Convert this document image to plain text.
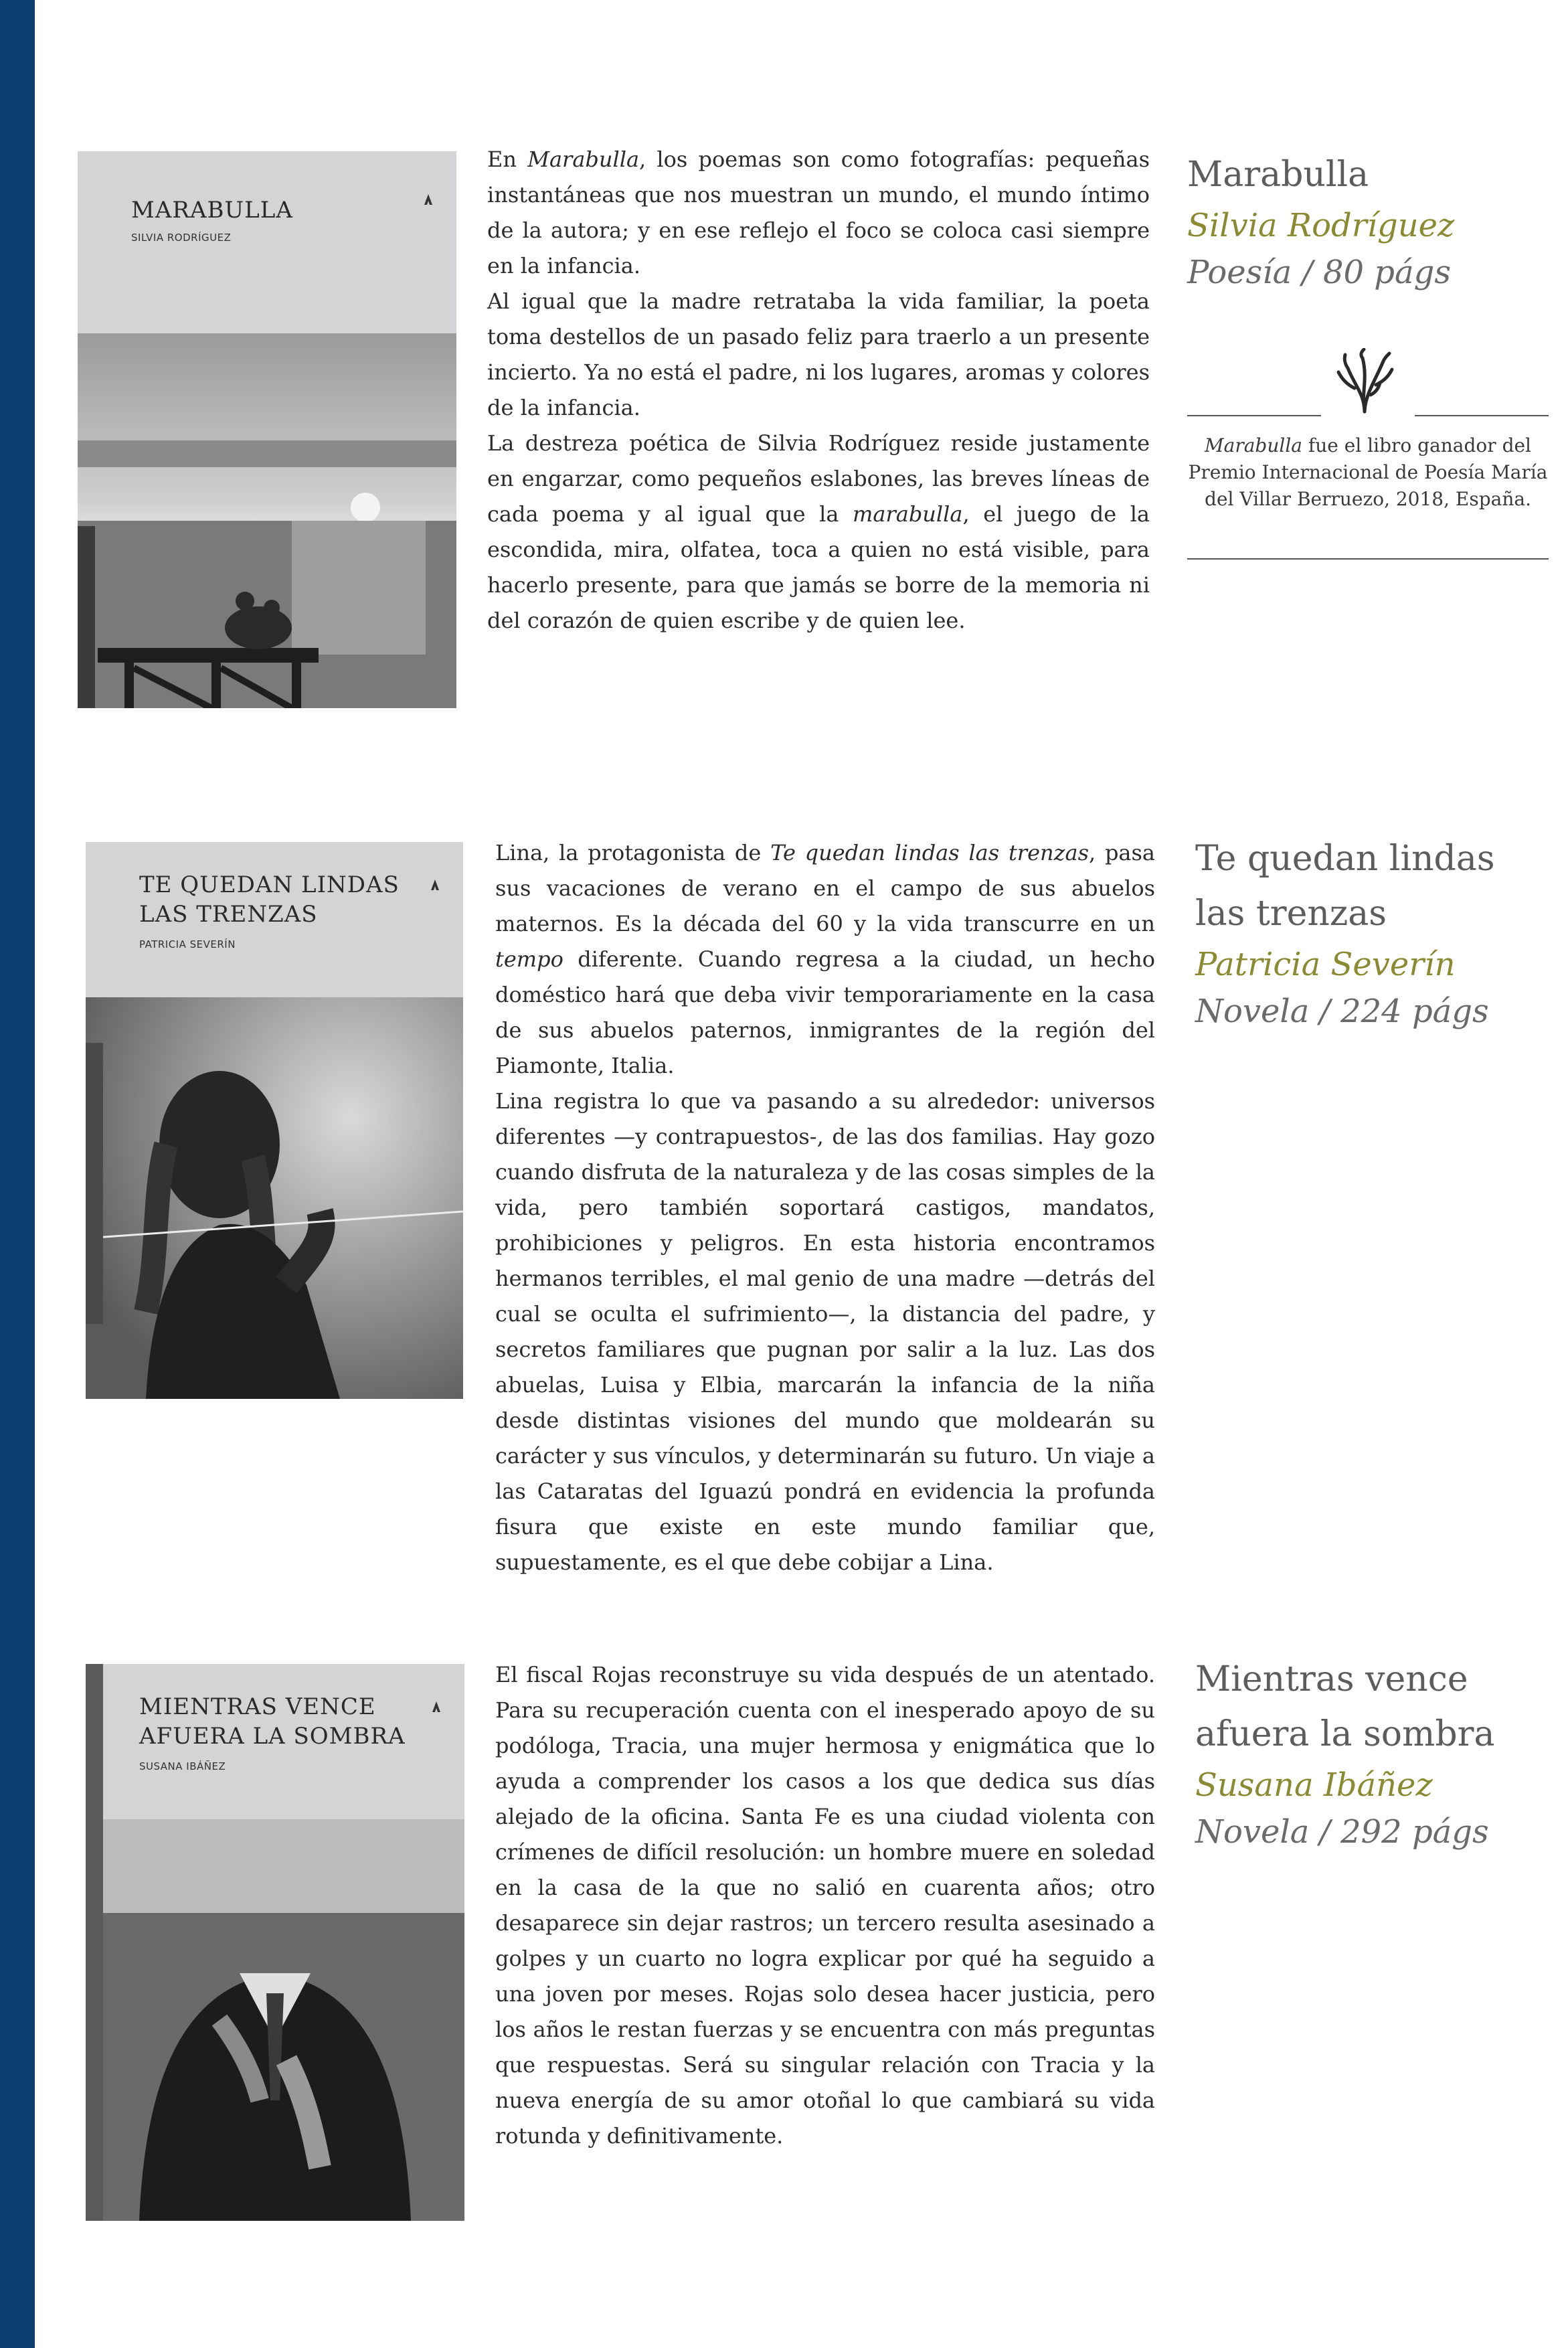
MARABULLA
SILVIA RODRÍGUEZ

En Marabulla, los poemas son como fotografías: pequeñas instantáneas que nos muestran un mundo, el mundo íntimo de la autora; y en ese reflejo el foco se coloca casi siempre en la infancia.

Al igual que la madre retrataba la vida familiar, la poeta toma destellos de un pasado feliz para traerlo a un presente incierto. Ya no está el padre, ni los lugares, aromas y colores de la infancia.

La destreza poética de Silvia Rodríguez reside justamente en engarzar, como pequeños eslabones, las breves líneas de cada poema y al igual que la marabulla, el juego de la escondida, mira, olfatea, toca a quien no está visible, para hacerlo presente, para que jamás se borre de la memoria ni del corazón de quien escribe y de quien lee.

Marabulla
Silvia Rodríguez
Poesía / 80 págs
Marabulla fue el libro ganador del Premio Internacional de Poesía María del Villar Berruezo, 2018, España.
TE QUEDAN LINDAS
LAS TRENZAS
PATRICIA SEVERÍN

Lina, la protagonista de Te quedan lindas las trenzas, pasa sus vacaciones de verano en el campo de sus abuelos maternos. Es la década del 60 y la vida transcurre en un tempo diferente. Cuando regresa a la ciudad, un hecho doméstico hará que deba vivir temporariamente en la casa de sus abuelos paternos, inmigrantes de la región del Piamonte, Italia.

Lina registra lo que va pasando a su alrededor: universos diferentes —y contrapuestos-, de las dos familias. Hay gozo cuando disfruta de la naturaleza y de las cosas simples de la vida, pero también soportará castigos, mandatos, prohibiciones y peligros. En esta historia encontramos hermanos terribles, el mal genio de una madre —detrás del cual se oculta el sufrimiento—, la distancia del padre, y secretos familiares que pugnan por salir a la luz. Las dos abuelas, Luisa y Elbia, marcarán la infancia de la niña desde distintas visiones del mundo que moldearán su carácter y sus vínculos, y determinarán su futuro. Un viaje a las Cataratas del Iguazú pondrá en evidencia la profunda fisura que existe en este mundo familiar que, supuestamente, es el que debe cobijar a Lina.

Te quedan lindas
las trenzas
Patricia Severín
Novela / 224 págs
MIENTRAS VENCE
AFUERA LA SOMBRA
SUSANA IBÁÑEZ

El fiscal Rojas reconstruye su vida después de un atentado. Para su recuperación cuenta con el inesperado apoyo de su podóloga, Tracia, una mujer hermosa y enigmática que lo ayuda a comprender los casos a los que dedica sus días alejado de la oficina. Santa Fe es una ciudad violenta con crímenes de difícil resolución: un hombre muere en soledad en la casa de la que no salió en cuarenta años; otro desaparece sin dejar rastros; un tercero resulta asesinado a golpes y un cuarto no logra explicar por qué ha seguido a una joven por meses. Rojas solo desea hacer justicia, pero los años le restan fuerzas y se encuentra con más preguntas que respuestas. Será su singular relación con Tracia y la nueva energía de su amor otoñal lo que cambiará su vida rotunda y definitivamente.

Mientras vence
afuera la sombra
Susana Ibáñez
Novela / 292 págs
